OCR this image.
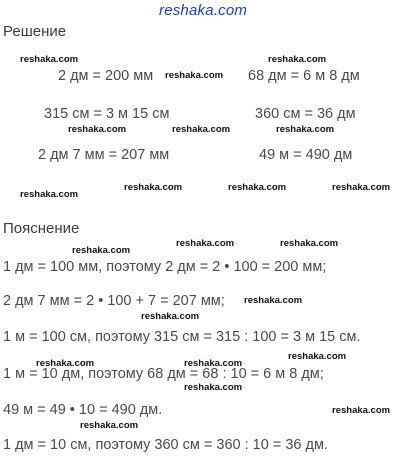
reshaka.com
Решение
2 дм = 200 мм	68 дм = 6 м 8 дм
315 см = 3 м 15 см	360 см = 36 дм
2 дм 7 мм = 207 мм	49 м = 490 дм
Пояснение
1 дм = 100 мм, поэтому 2 дм = 2 • 100 = 200 мм;
2 дм 7 мм = 2 • 100 + 7 = 207 мм;
1 м = 100 см, поэтому 315 см = 315 : 100 = 3 м 15 см.
1 м = 10 дм, поэтому 68 дм = 68 : 10 = 6 м 8 дм;
49 м = 49 • 10 = 490 дм.
1 дм = 10 см, поэтому 360 см = 360 : 10 = 36 дм.
reshaka.com	reshaka.com
reshaka.com
reshaka.com	reshaka.com	reshaka.com
reshaka.com
reshaka.com	reshaka.com	reshaka.com
reshaka.com
reshaka.com	reshaka.com
reshaka.com
reshaka.com
reshaka.com	reshaka.com
reshaka.com
reshaka.com
reshaka.com
reshaka.com
